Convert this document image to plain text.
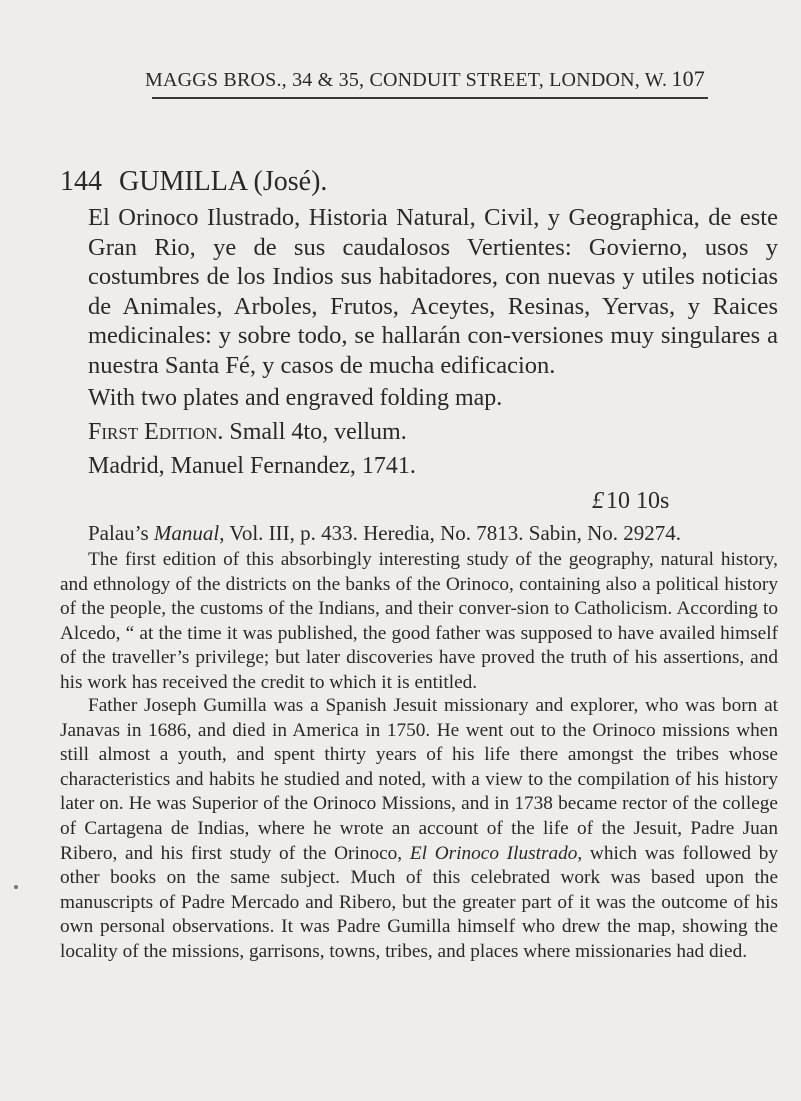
MAGGS BROS., 34 & 35, CONDUIT STREET, LONDON, W. 107
144 GUMILLA (José).
El Orinoco Ilustrado, Historia Natural, Civil, y Geographica, de este Gran Rio, ye de sus caudalosos Vertientes: Govierno, usos y costumbres de los Indios sus habitadores, con nuevas y utiles noticias de Animales, Arboles, Frutos, Aceytes, Resinas, Yervas, y Raices medicinales: y sobre todo, se hallarán con-versiones muy singulares a nuestra Santa Fé, y casos de mucha edificacion.
With two plates and engraved folding map.
First Edition. Small 4to, vellum.
Madrid, Manuel Fernandez, 1741.
£10 10s
Palau’s Manual, Vol. III, p. 433. Heredia, No. 7813. Sabin, No. 29274.

The first edition of this absorbingly interesting study of the geography, natural history, and ethnology of the districts on the banks of the Orinoco, containing also a political history of the people, the customs of the Indians, and their conver-sion to Catholicism. According to Alcedo, “ at the time it was published, the good father was supposed to have availed himself of the traveller’s privilege; but later discoveries have proved the truth of his assertions, and his work has received the credit to which it is entitled.

Father Joseph Gumilla was a Spanish Jesuit missionary and explorer, who was born at Janavas in 1686, and died in America in 1750. He went out to the Orinoco missions when still almost a youth, and spent thirty years of his life there amongst the tribes whose characteristics and habits he studied and noted, with a view to the compilation of his history later on. He was Superior of the Orinoco Missions, and in 1738 became rector of the college of Cartagena de Indias, where he wrote an account of the life of the Jesuit, Padre Juan Ribero, and his first study of the Orinoco, El Orinoco Ilustrado, which was followed by other books on the same subject. Much of this celebrated work was based upon the manuscripts of Padre Mercado and Ribero, but the greater part of it was the outcome of his own personal observations. It was Padre Gumilla himself who drew the map, showing the locality of the missions, garrisons, towns, tribes, and places where missionaries had died.
